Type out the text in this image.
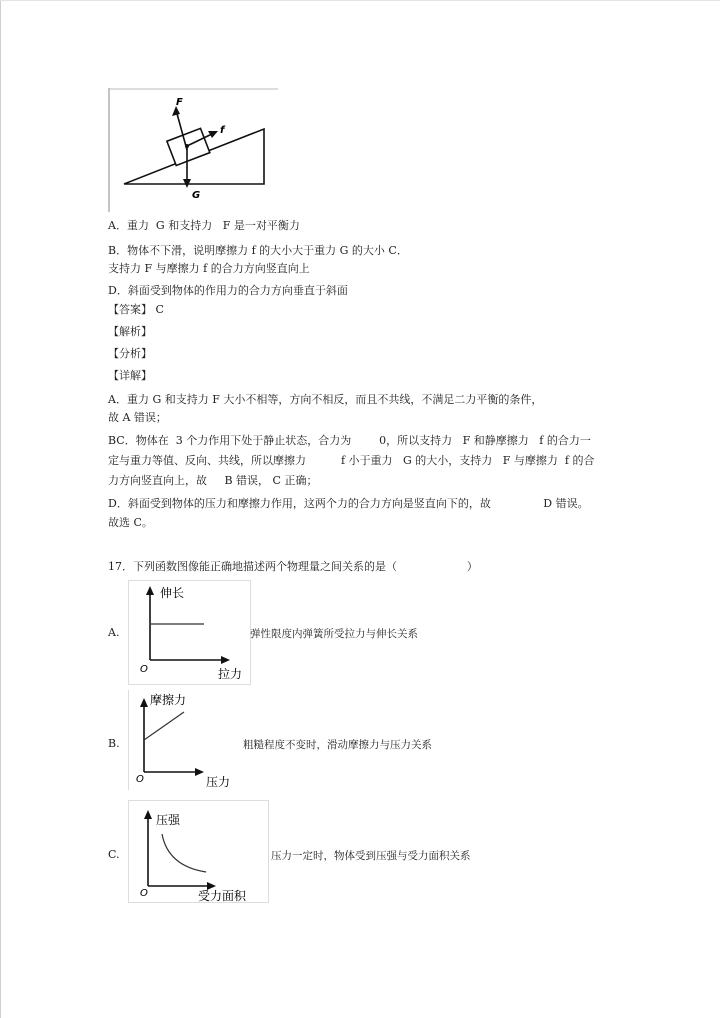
F
f
G
A．重力  G 和支持力   F 是一对平衡力
B．物体不下滑，说明摩擦力 f 的大小大于重力 G 的大小 C．
支持力 F 与摩擦力 f 的合力方向竖直向上
D．斜面受到物体的作用力的合力方向垂直于斜面
【答案】 C
【解析】
【分析】
【详解】
A．重力 G 和支持力 F 大小不相等，方向不相反，而且不共线，不满足二力平衡的条件，
故 A 错误；
BC．物体在  3 个力作用下处于静止状态，合力为        0，所以支持力   F 和静摩擦力   f 的合力一
定与重力等值、反向、共线，所以摩擦力          f 小于重力   G 的大小，支持力   F 与摩擦力  f 的合
力方向竖直向上，故     B 错误， C 正确；
D．斜面受到物体的压力和摩擦力作用，这两个力的合力方向是竖直向下的，故               D 错误。
故选 C。
17．下列函数图像能正确地描述两个物理量之间关系的是（                    ）
A.
伸长
拉力
O
弹性限度内弹簧所受拉力与伸长关系
B.
摩擦力
压力
O
粗糙程度不变时，滑动摩擦力与压力关系
C.
压强
受力面积
O
压力一定时，物体受到压强与受力面积关系
